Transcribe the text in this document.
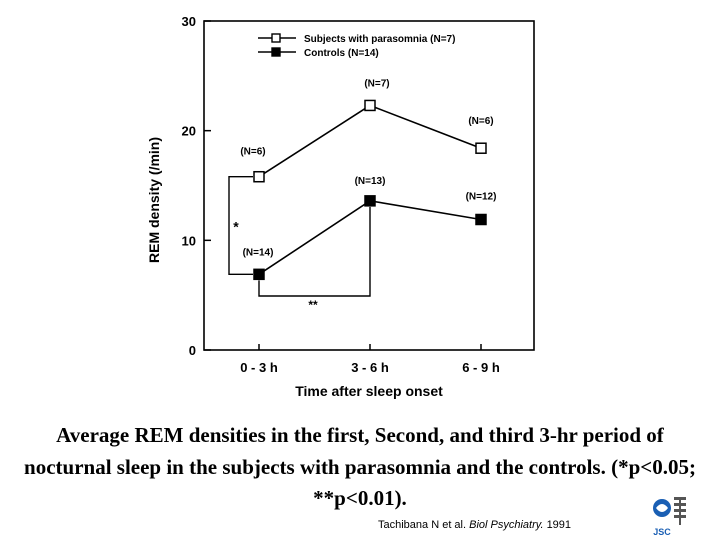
0
10
20
30
0 - 3 h	3 - 6 h	6 - 9 h
*
**
(N=6)
(N=7)
(N=6)
(N=14)
(N=13)
(N=12)
Subjects with parasomnia (N=7)
Controls (N=14)
REM density (/min)
Time after sleep onset
Average REM densities in the first, Second, and third 3-hr period of nocturnal sleep in the subjects with parasomnia and the controls. (*p<0.05; **p<0.01).
Tachibana N et al. Biol Psychiatry. 1991
JSC
